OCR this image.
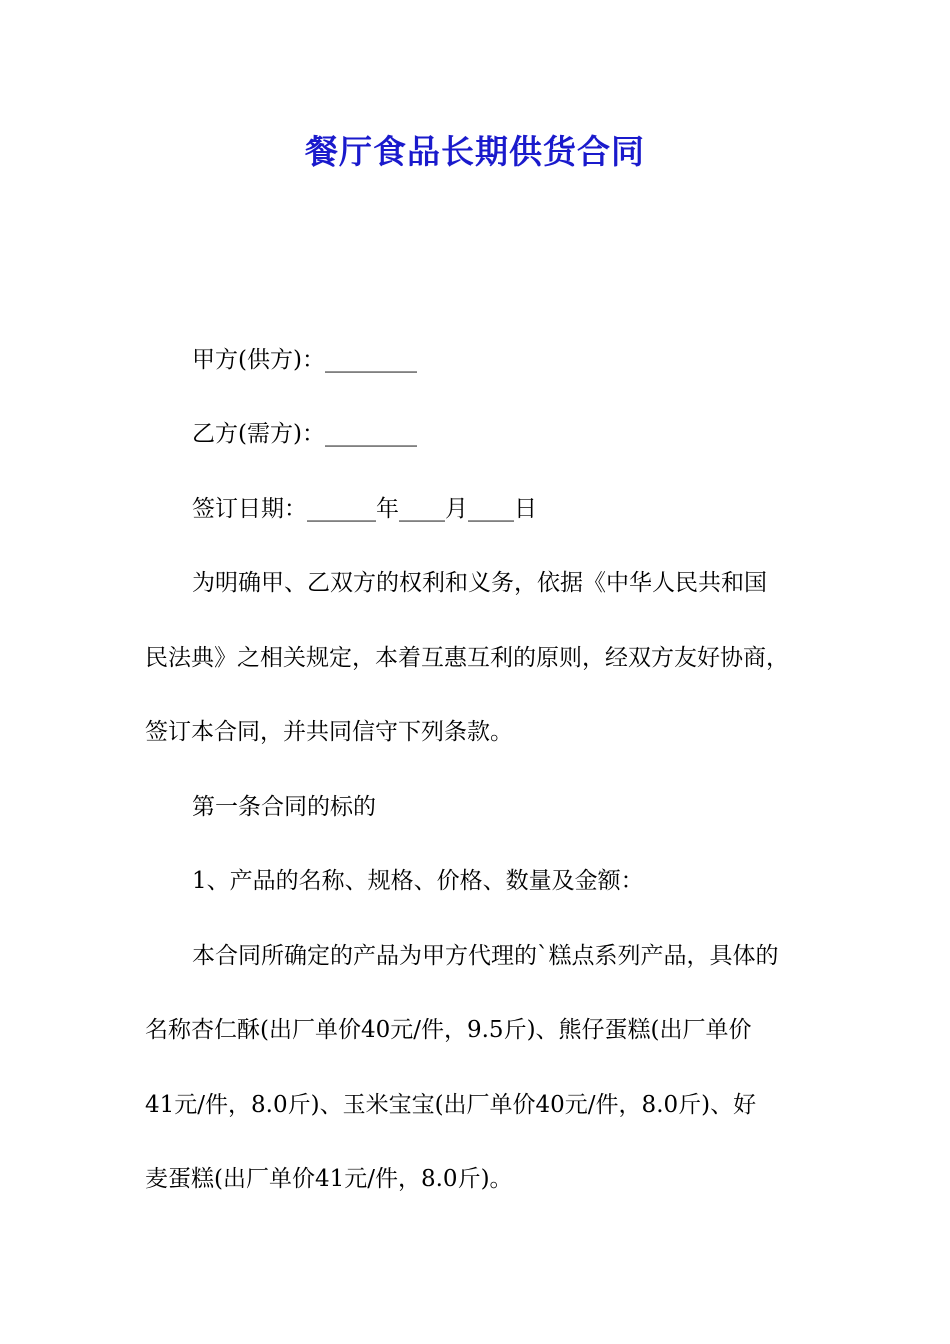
餐厅食品长期供货合同
甲方(供方)：________
乙方(需方)：________
签订日期：______年____月____日
为明确甲、乙双方的权利和义务，依据《中华人民共和国
民法典》之相关规定，本着互惠互利的原则，经双方友好协商，
签订本合同，并共同信守下列条款。
第一条合同的标的
1、产品的名称、规格、价格、数量及金额：
本合同所确定的产品为甲方代理的`糕点系列产品，具体的
名称杏仁酥(出厂单价40元/件，9.5斤)、熊仔蛋糕(出厂单价
41元/件，8.0斤)、玉米宝宝(出厂单价40元/件，8.0斤)、好
麦蛋糕(出厂单价41元/件，8.0斤)。
